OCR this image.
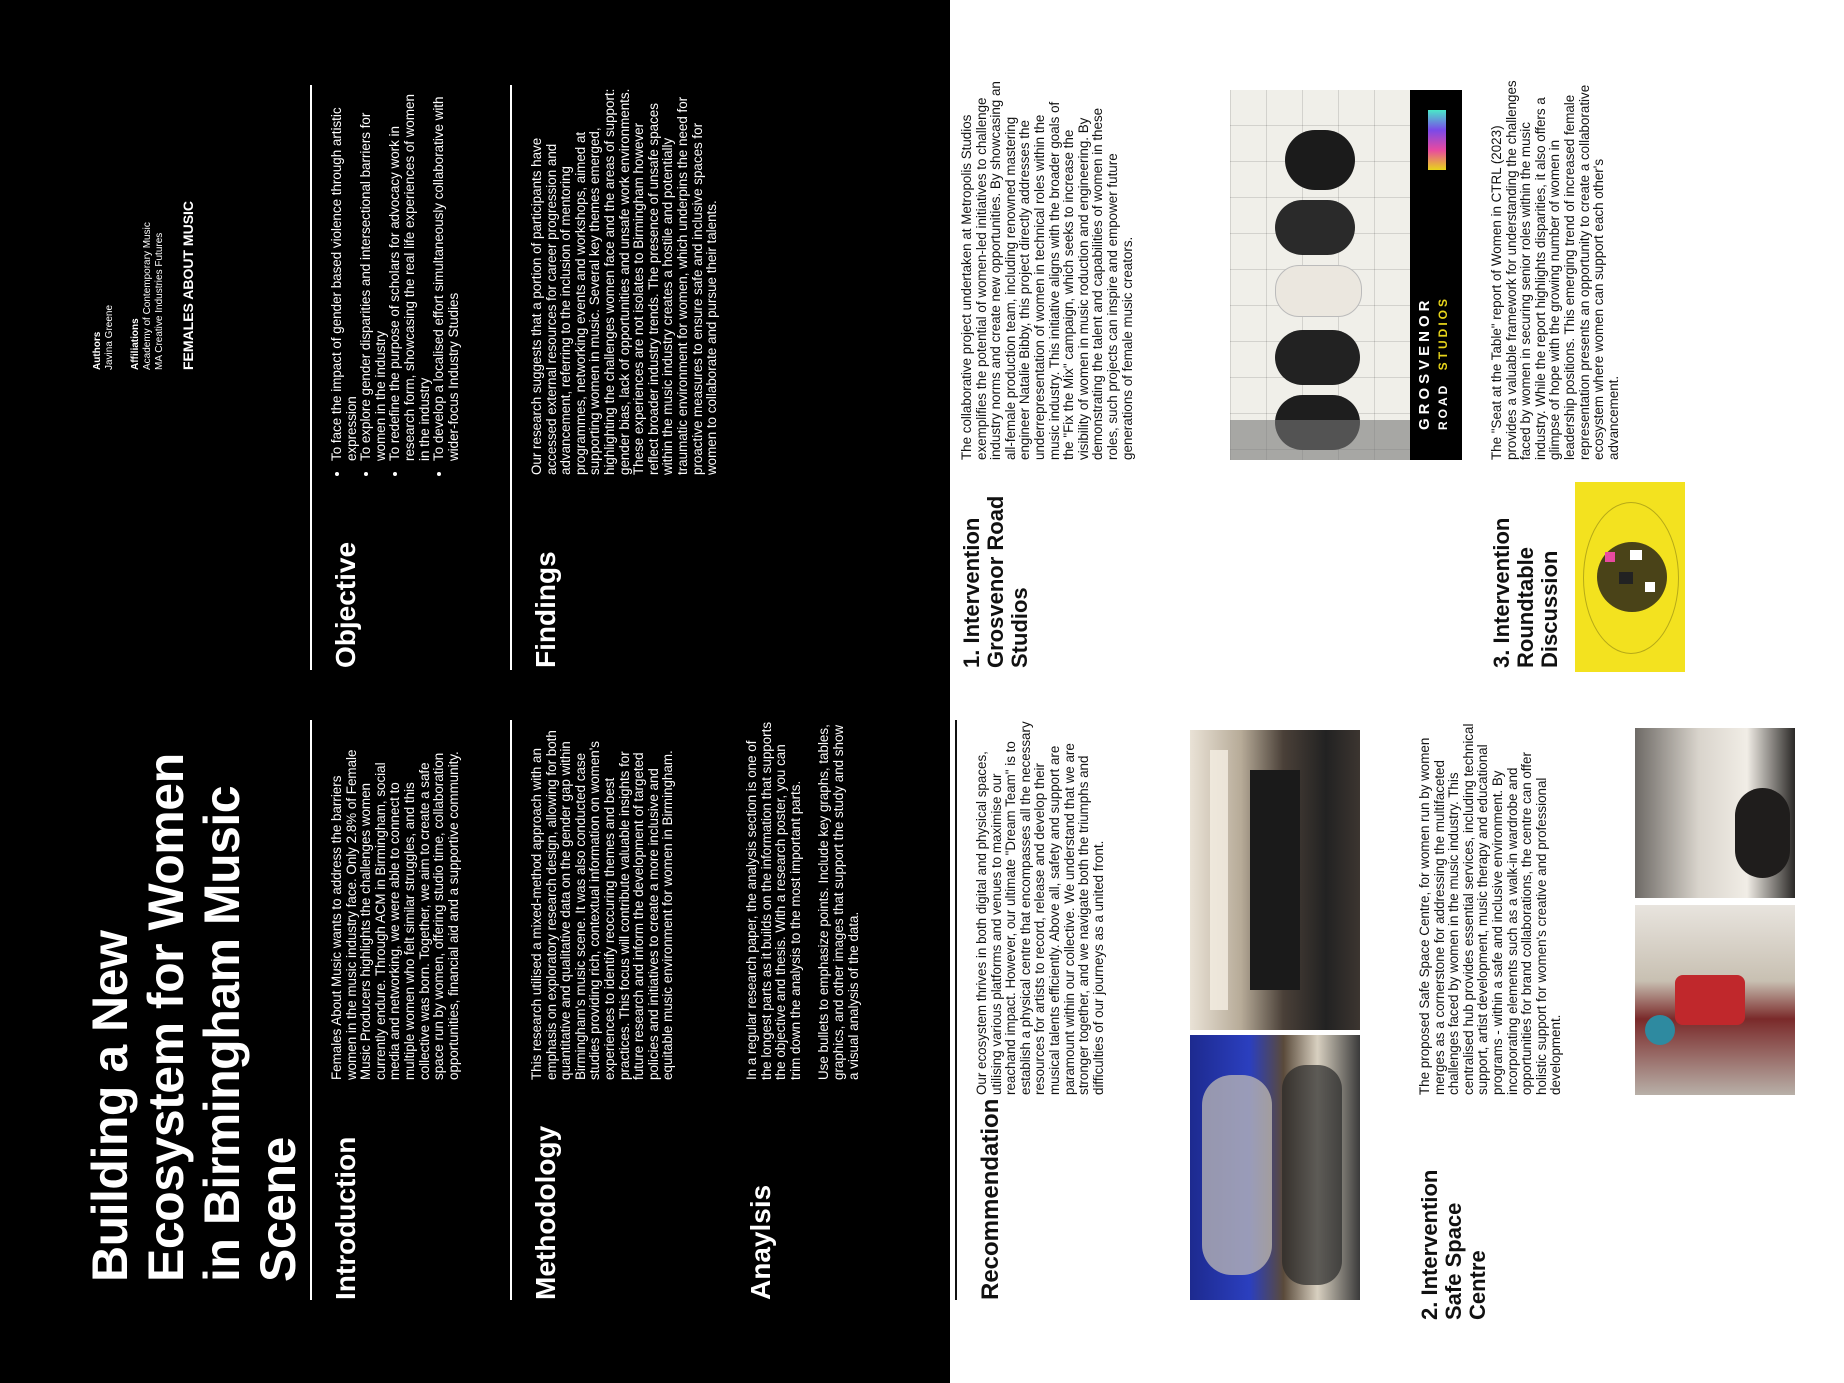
Building a New Ecosystem for Women in Birmingham Music Scene
Authors Javina Greene Affiliations Academy of Contemporary Music MA Creative Industries Futures FEMALES ABOUT MUSIC
Introduction
Females About Music wants to address the barriers women in the music industry face. Only 2.8% of Female Music Producers highlights the challenges women currently endure. Through ACM in Birmingham, social media and networking, we were able to connect to multiple women who felt similar struggles, and this collective was born. Together, we aim to create a safe space run by women, offering studio time, collaboration opportunities, financial aid and a supportive community.
Objective
• To face the impact of gender based violence through artistic expression • To explore gender disparities and intersectional barriers for women in the industry • To redefine the purpose of scholars for advocacy work in research form, showcasing the real life experiences of women in the industry • To develop a localised effort simultaneously collaborative with wider-focus Industry Studies
Methodology
This research utilised a mixed-method approach with an emphasis on exploratory research design, allowing for both quantitative and qualitative data on the gender gap within Birmingham's music scene. It was also conducted case studies providing rich, contextual information on women's experiences to identify reoccuring themes and best practices. This focus will contribute valuable insights for future research and inform the development of targeted policies and initiatives to create a more inclusive and equitable music environment for women in Birmingham.
Anaylsis
In a regular research paper, the analysis section is one of the longest parts as it builds on the information that supports the objective and thesis. With a research poster, you can trim down the analysis to the most important parts. Use bullets to emphasize points. Include key graphs, tables, graphics, and other images that support the study and show a visual analysis of the data.
Findings
Our research suggests that a portion of participants have accessed external resources for career progression and advancement, referring to the inclusion of mentoring programmes, networking events and workshops, aimed at supporting women in music. Several key themes emerged, highlighting the challenges women face and the areas of support: gender bias, lack of opportunities and unsafe work environments. These experiences are not isolates to Birmingham however reflect broader industry trends. The presence of unsafe spaces within the music industry creates a hostile and potentially traumatic environment for women, which underpins the need for proactive measures to ensure safe and inclusive spaces for women to collaborate and pursue their talents.
Recommendation
Our ecosystem thrives in both digital and physical spaces, utilising various platforms and venues to maximise our reachand impact. However, our ultimate "Dream Team" is to establish a physical centre that encompasses all the necessary resources for artists to record, release and develop their musical talents efficiently. Above all, safety and support are paramount within our collective. We understand that we are stronger together, and we navigate both the triumphs and difficulties of our journeys as a united front.
2. Intervention Safe Space Centre
The proposed Safe Space Centre, for women run by women merges as a cornerstone for addressing the multifaceted challenges faced by women in the music industry. This centralised hub provides essential services, including technical support, artist development, music therapy and educational programs - within a safe and inclusive environment. By incorporating elements such as a walk-in wardrobe and opportunities for brand collaborations, the centre can offer holistic support for women's creative and professional development.
1. Intervention Grosvenor Road Studios
The collaborative project undertaken at Metropolis Studios exemplifies the potential of women-led initiatives to challenge industry norms and create new opportunities. By showcasing an all-female production team, including renowned mastering engineer Natalie Bibby, this project directly addresses the underrepresentation of women in technical roles within the music industry. This initiative aligns with the broader goals of the "Fix the Mix" campaign, which seeks to increase the visibility of women in music roduction and engineering. By demonstrating the talent and capabilities of women in these roles, such projects can inspire and empower future generations of female music creators.	GROSVENOR ROAD STUDIOS
3. Intervention Roundtable Discussion
The "Seat at the Table" report of Women in CTRL (2023) provides a valuable framework for understanding the challenges faced by women in securing senior roles within the music industry. While the report highlights disparities, it also offers a glimpse of hope with the growing number of women in leadership positions. This emerging trend of increased female representation presents an opportunity to create a collaborative ecosystem where women can support each other's advancement.
